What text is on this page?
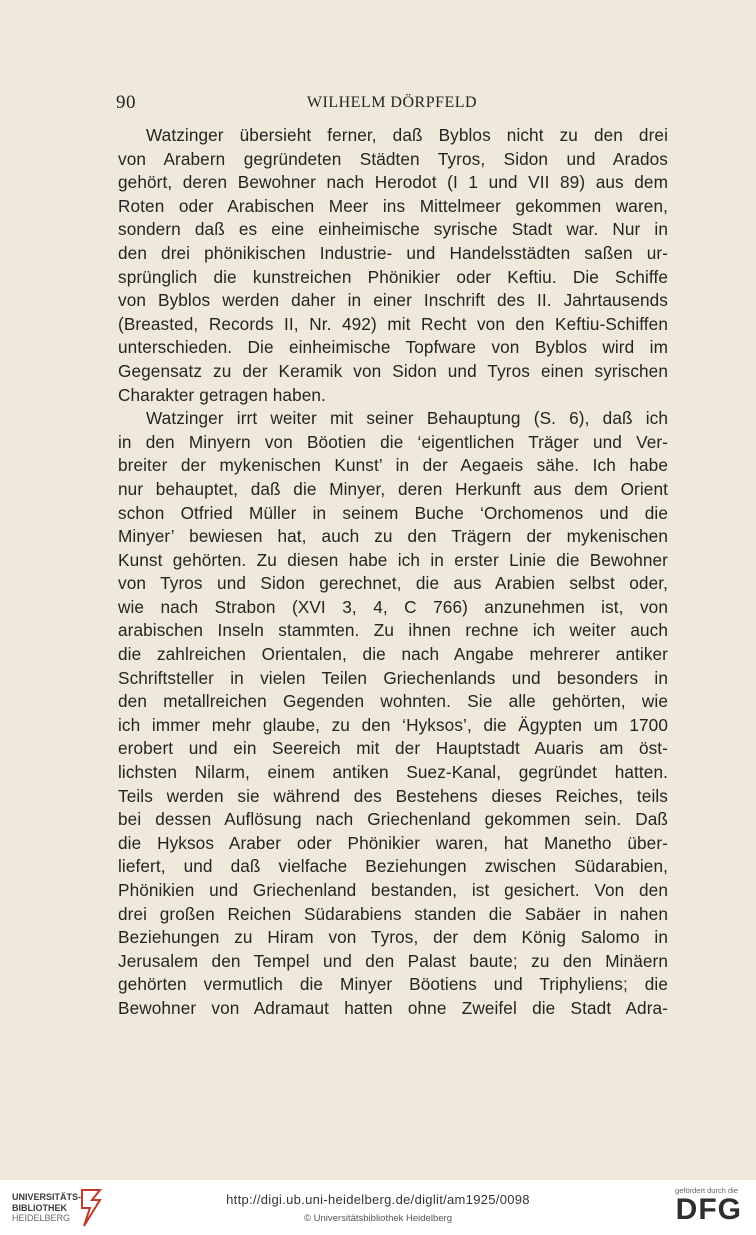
90	WILHELM DÖRPFELD
Watzinger übersieht ferner, daß Byblos nicht zu den drei
von Arabern gegründeten Städten Tyros, Sidon und Arados
gehört, deren Bewohner nach Herodot (I 1 und VII 89) aus dem
Roten oder Arabischen Meer ins Mittelmeer gekommen waren,
sondern daß es eine einheimische syrische Stadt war. Nur in
den drei phönikischen Industrie- und Handelsstädten saßen ur-
sprünglich die kunstreichen Phönikier oder Keftiu. Die Schiffe
von Byblos werden daher in einer Inschrift des II. Jahrtausends
(Breasted, Records II, Nr. 492) mit Recht von den Keftiu-Schiffen
unterschieden. Die einheimische Topfware von Byblos wird im
Gegensatz zu der Keramik von Sidon und Tyros einen syrischen
Charakter getragen haben.
Watzinger irrt weiter mit seiner Behauptung (S. 6), daß ich
in den Minyern von Böotien die ‘eigentlichen Träger und Ver-
breiter der mykenischen Kunst’ in der Aegaeis sähe. Ich habe
nur behauptet, daß die Minyer, deren Herkunft aus dem Orient
schon Otfried Müller in seinem Buche ‘Orchomenos und die
Minyer’ bewiesen hat, auch zu den Trägern der mykenischen
Kunst gehörten. Zu diesen habe ich in erster Linie die Bewohner
von Tyros und Sidon gerechnet, die aus Arabien selbst oder,
wie nach Strabon (XVI 3, 4, C 766) anzunehmen ist, von
arabischen Inseln stammten. Zu ihnen rechne ich weiter auch
die zahlreichen Orientalen, die nach Angabe mehrerer antiker
Schriftsteller in vielen Teilen Griechenlands und besonders in
den metallreichen Gegenden wohnten. Sie alle gehörten, wie
ich immer mehr glaube, zu den ‘Hyksos’, die Ägypten um 1700
erobert und ein Seereich mit der Hauptstadt Auaris am öst-
lichsten Nilarm, einem antiken Suez-Kanal, gegründet hatten.
Teils werden sie während des Bestehens dieses Reiches, teils
bei dessen Auflösung nach Griechenland gekommen sein. Daß
die Hyksos Araber oder Phönikier waren, hat Manetho über-
liefert, und daß vielfache Beziehungen zwischen Südarabien,
Phönikien und Griechenland bestanden, ist gesichert. Von den
drei großen Reichen Südarabiens standen die Sabäer in nahen
Beziehungen zu Hiram von Tyros, der dem König Salomo in
Jerusalem den Tempel und den Palast baute; zu den Minäern
gehörten vermutlich die Minyer Böotiens und Triphyliens; die
Bewohner von Adramaut hatten ohne Zweifel die Stadt Adra-
UNIVERSITÄTS-
BIBLIOTHEK
HEIDELBERG
http://digi.ub.uni-heidelberg.de/diglit/am1925/0098
© Universitätsbibliothek Heidelberg
gefördert durch die
DFG
